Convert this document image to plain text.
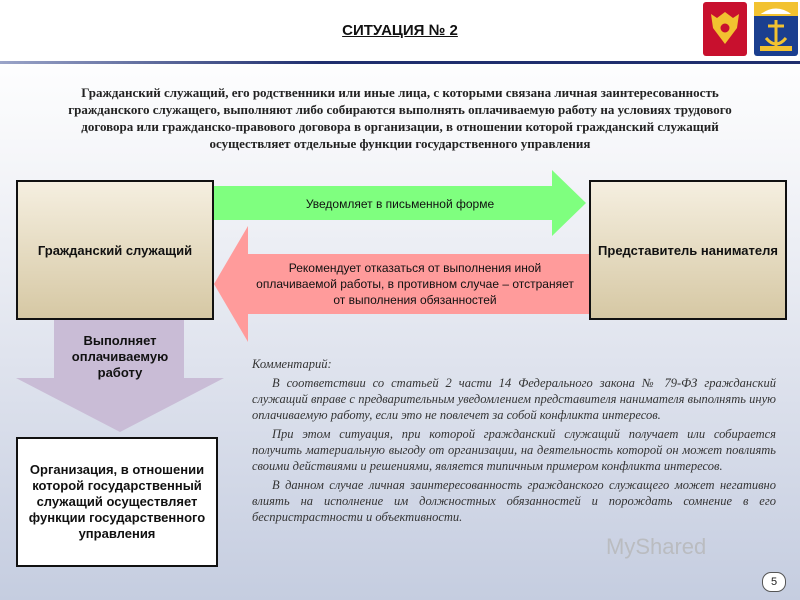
СИТУАЦИЯ № 2
Гражданский служащий, его родственники или иные лица, с которыми связана личная заинтересованность гражданского служащего, выполняют либо собираются выполнять оплачиваемую работу на условиях трудового договора или гражданско-правового договора в организации, в отношении которой гражданский служащий осуществляет отдельные функции государственного управления
Уведомляет в письменной форме
Рекомендует отказаться от выполнения иной оплачиваемой работы, в противном случае – отстраняет от выполнения обязанностей
Выполняет оплачиваемую работу
Гражданский служащий	Представитель нанимателя
Организация, в отношении которой государственный служащий осуществляет функции государственного управления

Комментарий:

В соответствии со статьей 2 части 14 Федерального закона № 79-ФЗ гражданский служащий вправе с предварительным уведомлением представителя нанимателя выполнять иную оплачиваемую работу, если это не повлечет за собой конфликта интересов.

При этом ситуация, при которой гражданский служащий получает или собирается получить материальную выгоду от организации, на деятельность которой он может повлиять своими действиями и решениями, является типичным примером конфликта интересов.

В данном случае личная заинтересованность гражданского служащего может негативно влиять на исполнение им должностных обязанностей и порождать сомнение в его беспристрастности и объективности.

MyShared
5
